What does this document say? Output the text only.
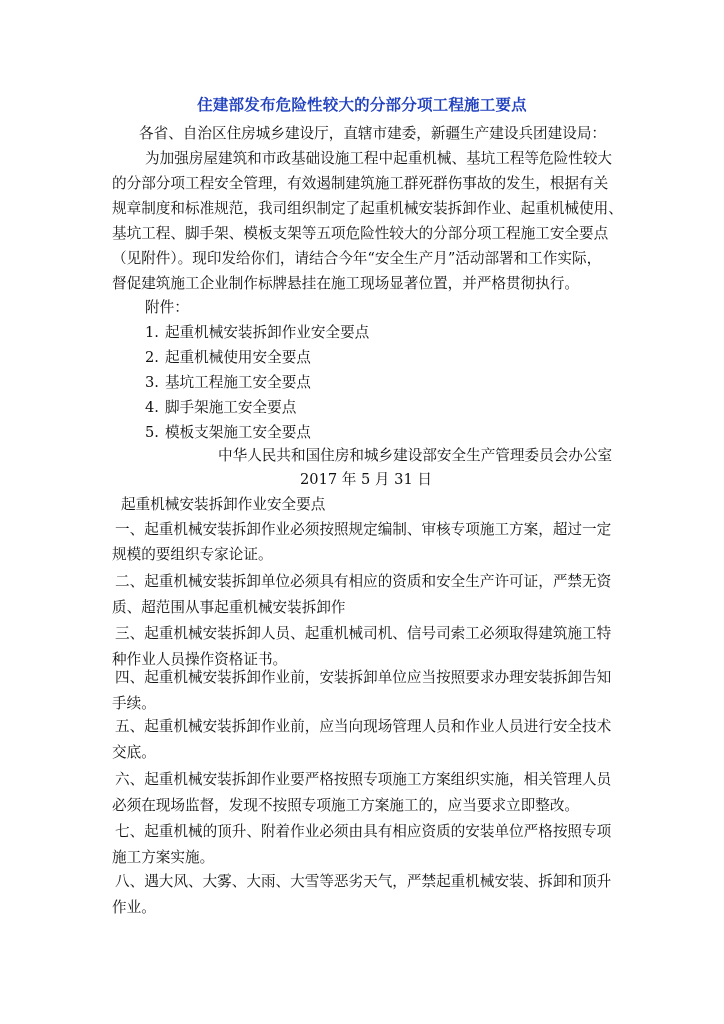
住建部发布危险性较大的分部分项工程施工要点
各省、自治区住房城乡建设厅，直辖市建委，新疆生产建设兵团建设局：
为加强房屋建筑和市政基础设施工程中起重机械、基坑工程等危险性较大
的分部分项工程安全管理，有效遏制建筑施工群死群伤事故的发生，根据有关
规章制度和标准规范，我司组织制定了起重机械安装拆卸作业、起重机械使用、
基坑工程、脚手架、模板支架等五项危险性较大的分部分项工程施工安全要点
（见附件）。现印发给你们，请结合今年“安全生产月”活动部署和工作实际，
督促建筑施工企业制作标牌悬挂在施工现场显著位置，并严格贯彻执行。
附件：
1. 起重机械安装拆卸作业安全要点
2. 起重机械使用安全要点
3. 基坑工程施工安全要点
4. 脚手架施工安全要点
5. 模板支架施工安全要点
中华人民共和国住房和城乡建设部安全生产管理委员会办公室
2017 年 5 月 31 日
起重机械安装拆卸作业安全要点
一、起重机械安装拆卸作业必须按照规定编制、审核专项施工方案，超过一定
规模的要组织专家论证。
二、起重机械安装拆卸单位必须具有相应的资质和安全生产许可证，严禁无资
质、超范围从事起重机械安装拆卸作
三、起重机械安装拆卸人员、起重机械司机、信号司索工必须取得建筑施工特
种作业人员操作资格证书。
四、起重机械安装拆卸作业前，安装拆卸单位应当按照要求办理安装拆卸告知
手续。
五、起重机械安装拆卸作业前，应当向现场管理人员和作业人员进行安全技术
交底。
六、起重机械安装拆卸作业要严格按照专项施工方案组织实施，相关管理人员
必须在现场监督，发现不按照专项施工方案施工的，应当要求立即整改。
七、起重机械的顶升、附着作业必须由具有相应资质的安装单位严格按照专项
施工方案实施。
八、遇大风、大雾、大雨、大雪等恶劣天气，严禁起重机械安装、拆卸和顶升
作业。
